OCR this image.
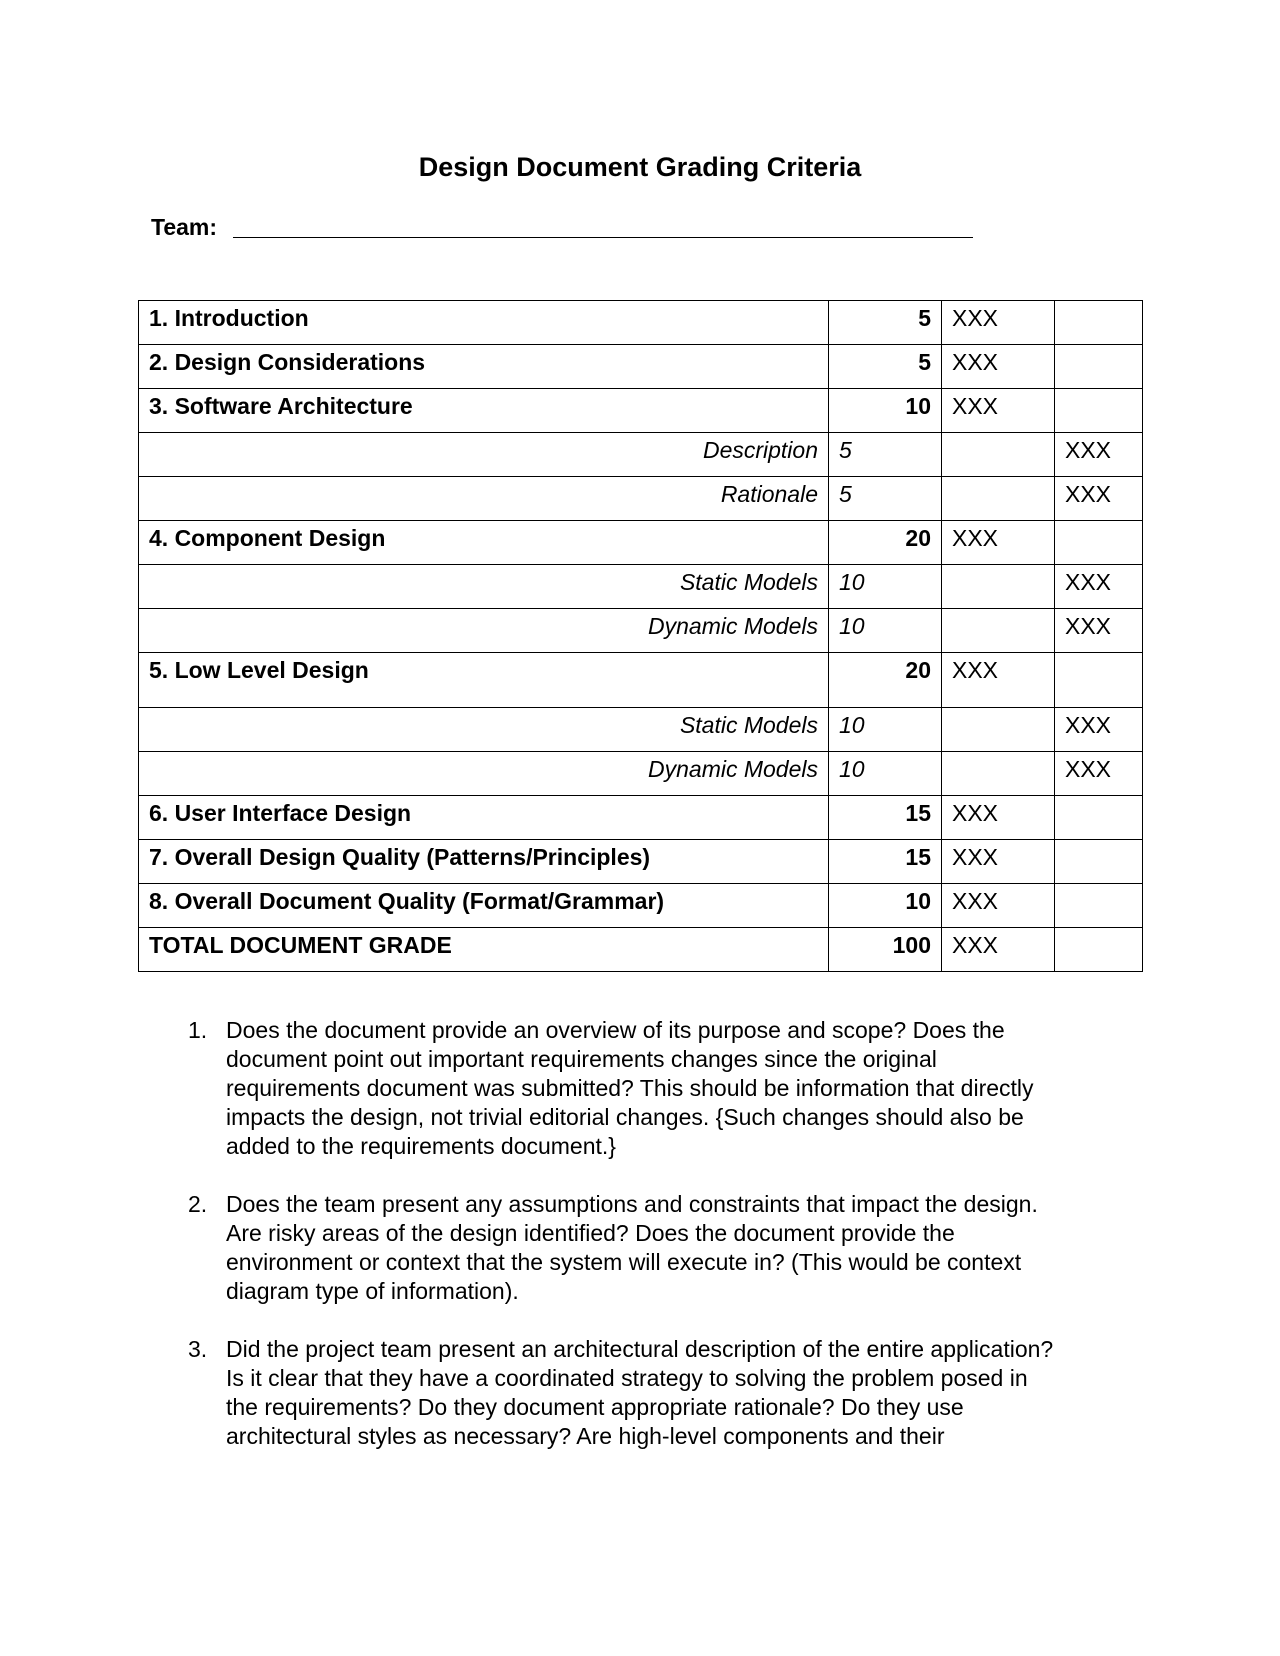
Design Document Grading Criteria
Team:
1. Introduction	5	XXX	
2. Design Considerations	5	XXX	
3. Software Architecture	10	XXX	
Description	5		XXX
Rationale	5		XXX
4. Component Design	20	XXX	
Static Models	10		XXX
Dynamic Models	10		XXX
5. Low Level Design	20	XXX	
Static Models	10		XXX
Dynamic Models	10		XXX
6. User Interface Design	15	XXX	
7. Overall Design Quality (Patterns/Principles)	15	XXX	
8. Overall Document Quality (Format/Grammar)	10	XXX	
TOTAL DOCUMENT GRADE	100	XXX	
1. Does the document provide an overview of its purpose and scope? Does the
document point out important requirements changes since the original
requirements document was submitted? This should be information that directly
impacts the design, not trivial editorial changes. {Such changes should also be
added to the requirements document.}
2. Does the team present any assumptions and constraints that impact the design.
Are risky areas of the design identified? Does the document provide the
environment or context that the system will execute in? (This would be context
diagram type of information).
3. Did the project team present an architectural description of the entire application?
Is it clear that they have a coordinated strategy to solving the problem posed in
the requirements? Do they document appropriate rationale? Do they use
architectural styles as necessary? Are high-level components and their
